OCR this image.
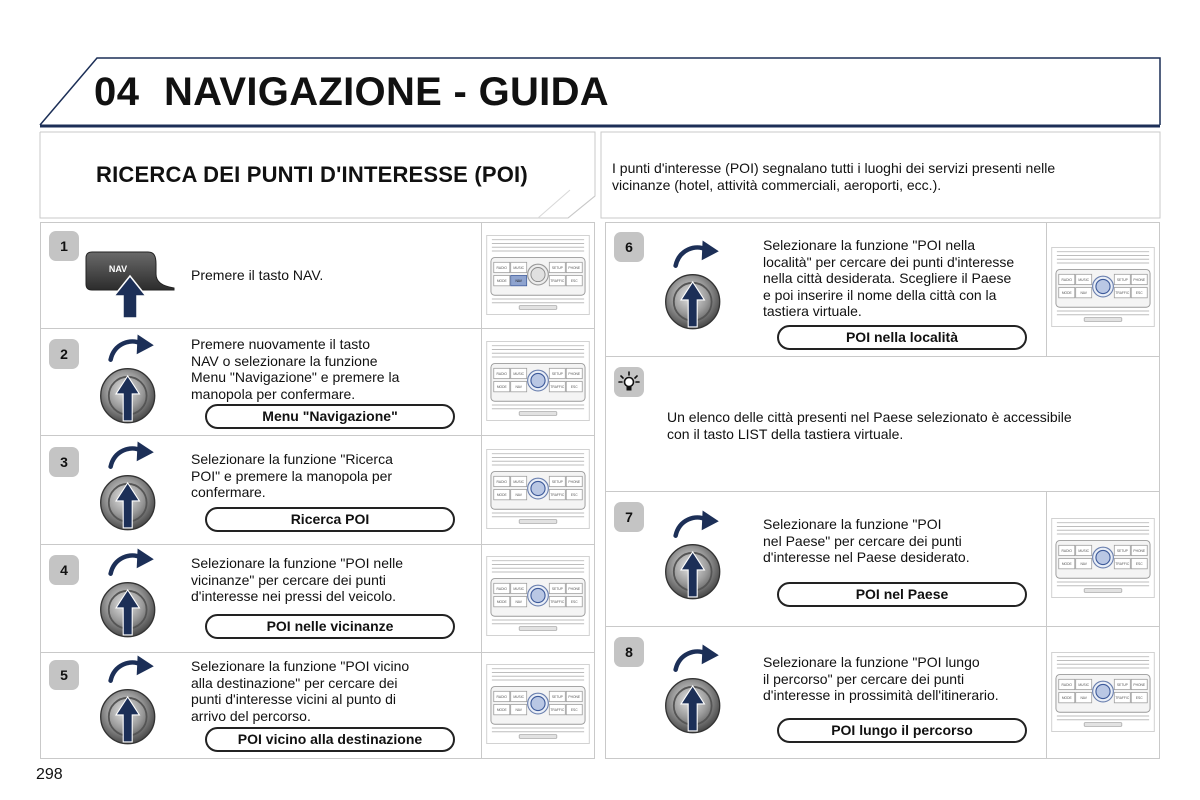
04 NAVIGAZIONE - GUIDA
RICERCA DEI PUNTI D'INTERESSE (POI)	I punti d'interesse (POI) segnalano tutti i luoghi dei servizi presenti nelle
vicinanze (hotel, attività commerciali, aeroporti, ecc.).
1
NAV	Premere il tasto NAV.
2
Premere nuovamente il tasto
NAV o selezionare la funzione
Menu "Navigazione" e premere la
manopola per confermare.
Menu "Navigazione"
3	Selezionare la funzione "Ricerca
POI" e premere la manopola per
confermare.
Ricerca POI
4	Selezionare la funzione "POI nelle
vicinanze" per cercare dei punti
d'interesse nei pressi del veicolo.
POI nelle vicinanze
5
Selezionare la funzione "POI vicino
alla destinazione" per cercare dei
punti d'interesse vicini al punto di
arrivo del percorso.
POI vicino alla destinazione
6	Selezionare la funzione "POI nella
località" per cercare dei punti d'interesse
nella città desiderata. Scegliere il Paese
e poi inserire il nome della città con la
tastiera virtuale.
POI nella località
Un elenco delle città presenti nel Paese selezionato è accessibile
con il tasto LIST della tastiera virtuale.
7	Selezionare la funzione "POI
nel Paese" per cercare dei punti
d'interesse nel Paese desiderato.
POI nel Paese
8
Selezionare la funzione "POI lungo
il percorso" per cercare dei punti
d'interesse in prossimità dell'itinerario.
POI lungo il percorso
298
